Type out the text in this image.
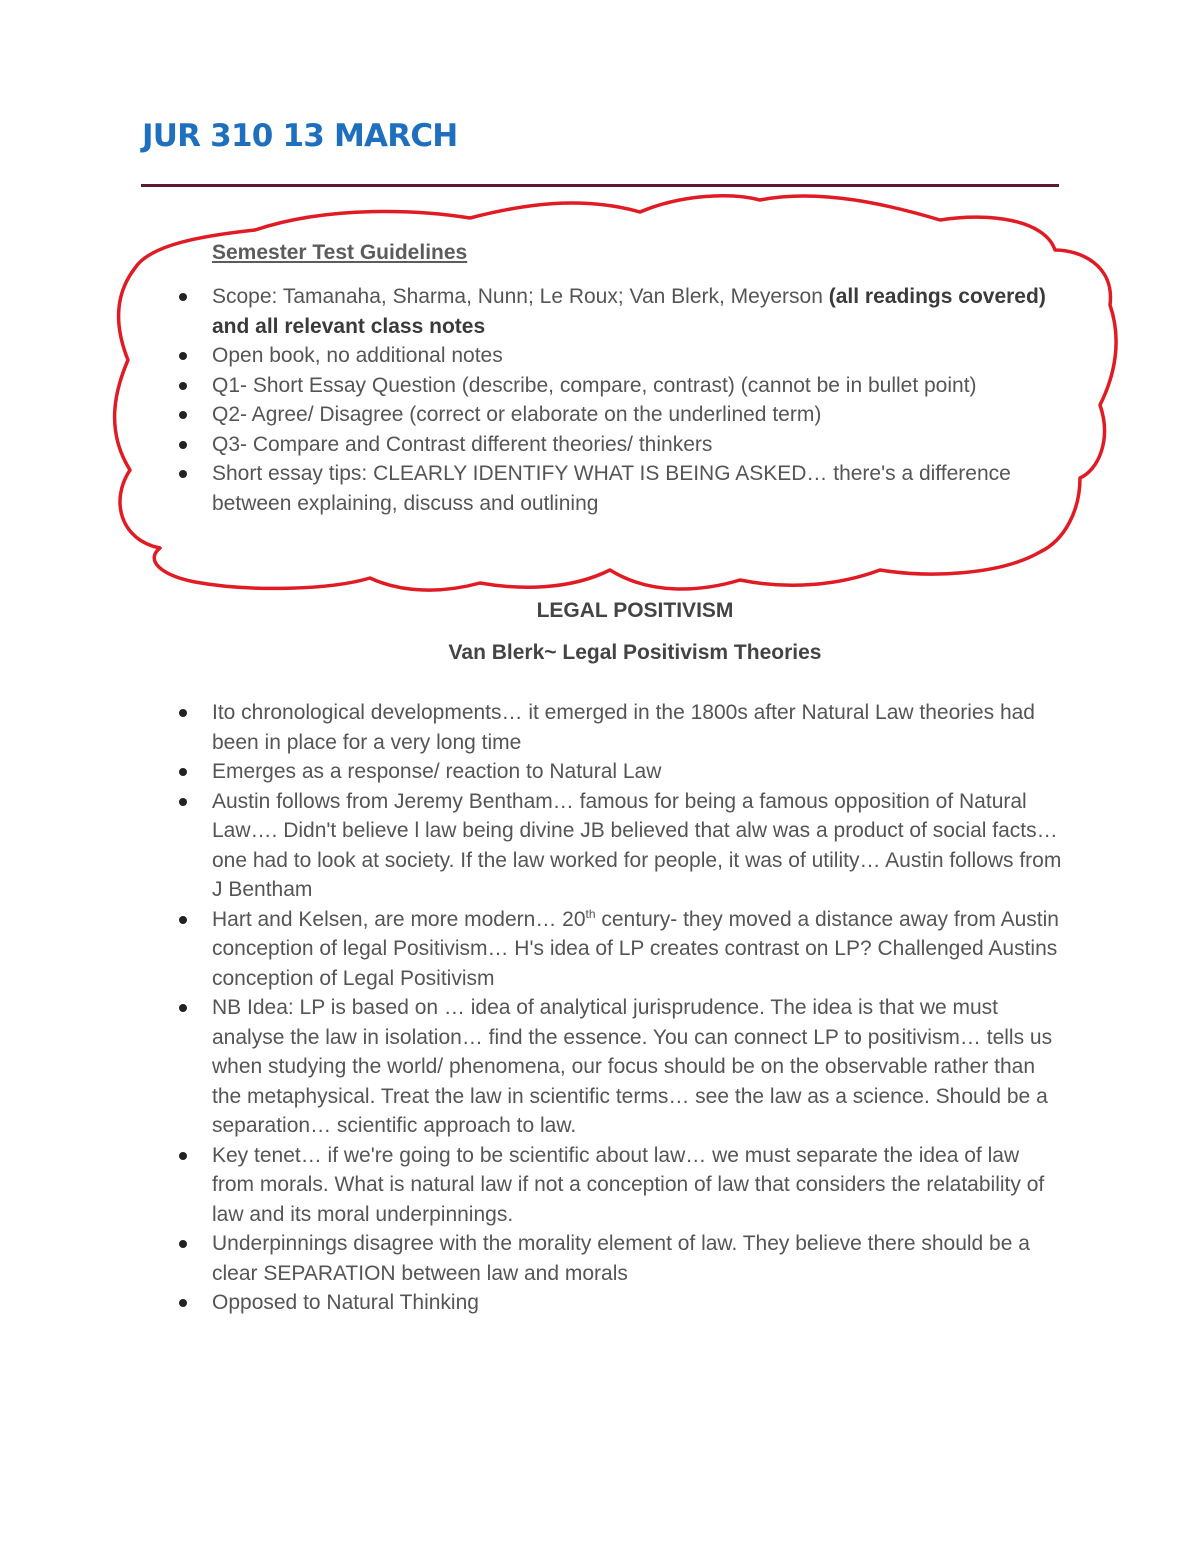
JUR 310 13 MARCH
Semester Test Guidelines
Scope: Tamanaha, Sharma, Nunn; Le Roux; Van Blerk, Meyerson (all readings covered) and all relevant class notes
Open book, no additional notes
Q1- Short Essay Question (describe, compare, contrast) (cannot be in bullet point)
Q2- Agree/ Disagree (correct or elaborate on the underlined term)
Q3- Compare and Contrast different theories/ thinkers
Short essay tips: CLEARLY IDENTIFY WHAT IS BEING ASKED… there's a difference between explaining, discuss and outlining
LEGAL POSITIVISM
Van Blerk~ Legal Positivism Theories
Ito chronological developments… it emerged in the 1800s after Natural Law theories had been in place for a very long time
Emerges as a response/ reaction to Natural Law
Austin follows from Jeremy Bentham… famous for being a famous opposition of Natural Law…. Didn't believe l law being divine JB believed that alw was a product of social facts… one had to look at society. If the law worked for people, it was of utility… Austin follows from J Bentham
Hart and Kelsen, are more modern… 20th century- they moved a distance away from Austin conception of legal Positivism… H's idea of LP creates contrast on LP? Challenged Austins conception of Legal Positivism
NB Idea: LP is based on … idea of analytical jurisprudence. The idea is that we must analyse the law in isolation… find the essence. You can connect LP to positivism… tells us when studying the world/ phenomena, our focus should be on the observable rather than the metaphysical. Treat the law in scientific terms… see the law as a science. Should be a separation… scientific approach to law.
Key tenet… if we're going to be scientific about law… we must separate the idea of law from morals. What is natural law if not a conception of law that considers the relatability of law and its moral underpinnings.
Underpinnings disagree with the morality element of law. They believe there should be a clear SEPARATION between law and morals
Opposed to Natural Thinking
